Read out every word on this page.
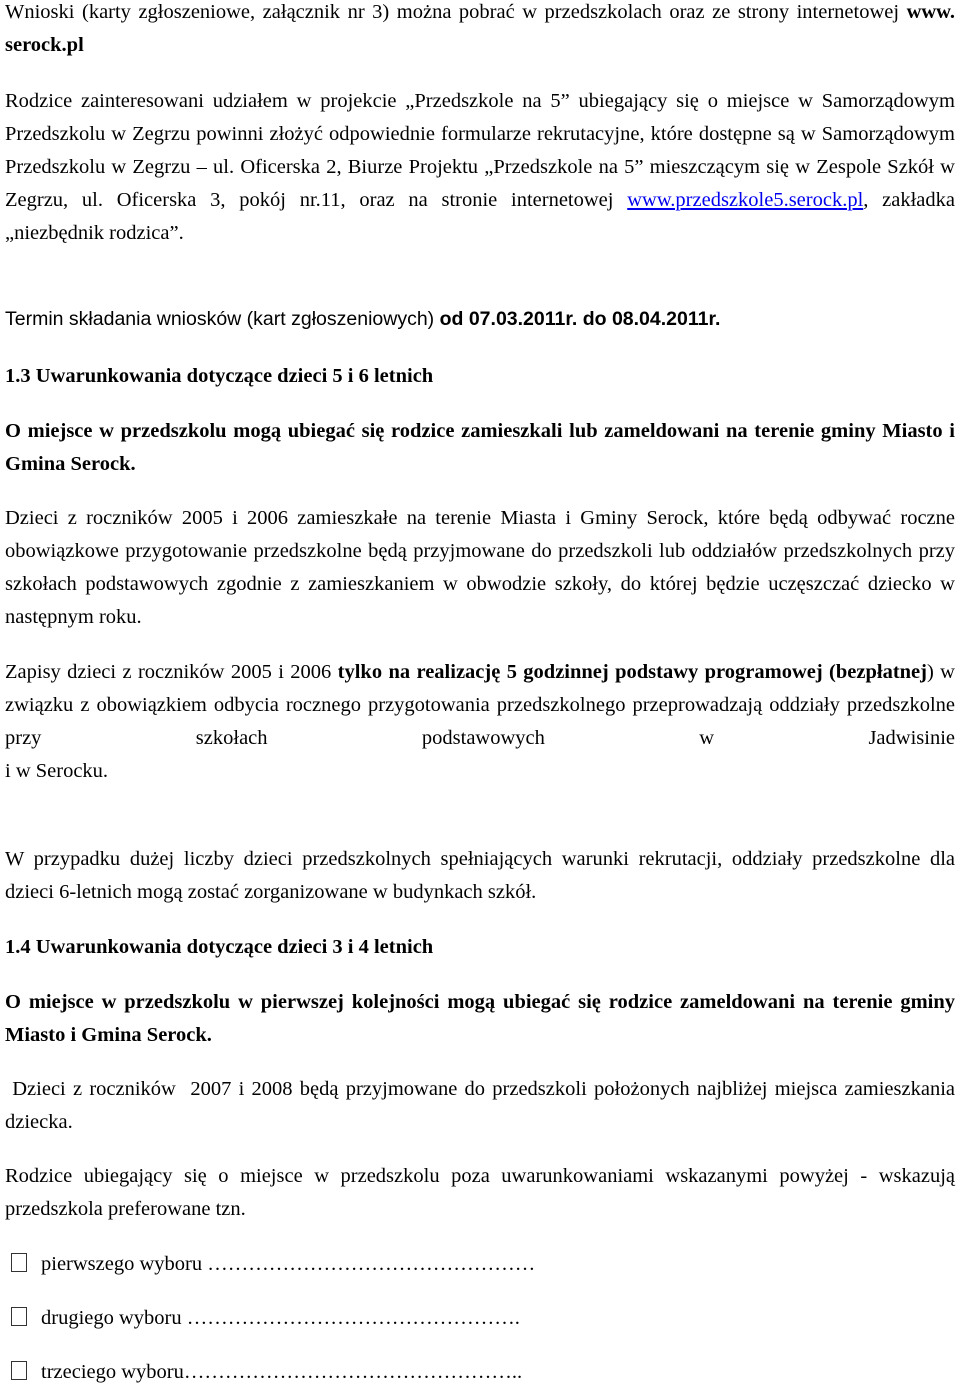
Wnioski (karty zgłoszeniowe, załącznik nr 3) można pobrać w przedszkolach oraz ze strony internetowej www. serock.pl

Rodzice zainteresowani udziałem w projekcie „Przedszkole na 5” ubiegający się o miejsce w Samorządowym Przedszkolu w Zegrzu powinni złożyć odpowiednie formularze rekrutacyjne, które dostępne są w Samorządowym Przedszkolu w Zegrzu – ul. Oficerska 2, Biurze Projektu „Przedszkole na 5” mieszczącym się w Zespole Szkół w Zegrzu, ul. Oficerska 3, pokój nr.11, oraz na stronie internetowej www.przedszkole5.serock.pl, zakładka „niezbędnik rodzica”.

Termin składania wniosków (kart zgłoszeniowych) od 07.03.2011r. do 08.04.2011r.

1.3 Uwarunkowania dotyczące dzieci 5 i 6 letnich

O miejsce w przedszkolu mogą ubiegać się rodzice zamieszkali lub zameldowani na terenie gminy Miasto i Gmina Serock.

Dzieci z roczników 2005 i 2006 zamieszkałe na terenie Miasta i Gminy Serock, które będą odbywać roczne obowiązkowe przygotowanie przedszkolne będą przyjmowane do przedszkoli lub oddziałów przedszkolnych przy szkołach podstawowych zgodnie z zamieszkaniem w obwodzie szkoły, do której będzie uczęszczać dziecko w następnym roku.

Zapisy dzieci z roczników 2005 i 2006 tylko na realizację 5 godzinnej podstawy programowej (bezpłatnej) w związku z obowiązkiem odbycia rocznego przygotowania przedszkolnego przeprowadzają oddziały przedszkolne przy szkołach podstawowych w Jadwisinie

i w Serocku.

W przypadku dużej liczby dzieci przedszkolnych spełniających warunki rekrutacji, oddziały przedszkolne dla dzieci 6-letnich mogą zostać zorganizowane w budynkach szkół.

1.4 Uwarunkowania dotyczące dzieci 3 i 4 letnich

O miejsce w przedszkolu w pierwszej kolejności mogą ubiegać się rodzice zameldowani na terenie gminy Miasto i Gmina Serock.

Dzieci z roczników  2007 i 2008 będą przyjmowane do przedszkoli położonych najbliżej miejsca zamieszkania dziecka.

Rodzice ubiegający się o miejsce w przedszkolu poza uwarunkowaniami wskazanymi powyżej - wskazują przedszkola preferowane tzn.

pierwszego wyboru …………………………………………
drugiego wyboru ………………………………………….
trzeciego wyboru…………………………………………..
